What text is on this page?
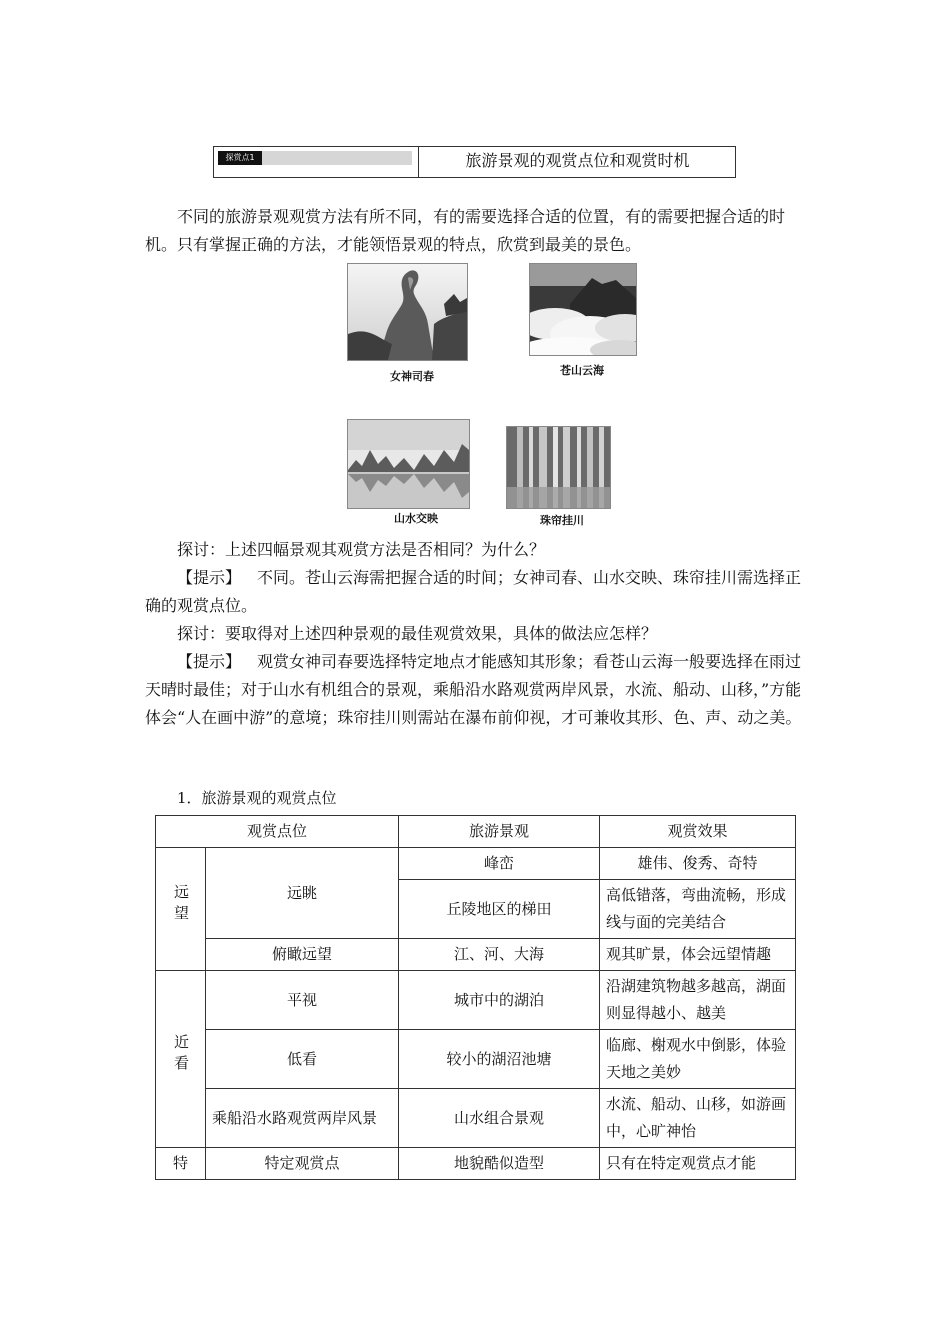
探赏点1	旅游景观的观赏点位和观赏时机
不同的旅游景观观赏方法有所不同，有的需要选择合适的位置，有的需要把握合适的时机。只有掌握正确的方法，才能领悟景观的特点，欣赏到最美的景色。
女神司春	苍山云海
山水交映	珠帘挂川
探讨：上述四幅景观其观赏方法是否相同？为什么？
【提示】 不同。苍山云海需把握合适的时间；女神司春、山水交映、珠帘挂川需选择正确的观赏点位。
探讨：要取得对上述四种景观的最佳观赏效果，具体的做法应怎样？
【提示】 观赏女神司春要选择特定地点才能感知其形象；看苍山云海一般要选择在雨过天晴时最佳；对于山水有机组合的景观，乘船沿水路观赏两岸风景，水流、船动、山移，”方能体会“人在画中游”的意境；珠帘挂川则需站在瀑布前仰视，才可兼收其形、色、声、动之美。
1．旅游景观的观赏点位
观赏点位		旅游景观	观赏效果
远望	远眺	峰峦	雄伟、俊秀、奇特
		丘陵地区的梯田	高低错落，弯曲流畅，形成线与面的完美结合
	俯瞰远望	江、河、大海	观其旷景，体会远望情趣
近看	平视	城市中的湖泊	沿湖建筑物越多越高，湖面则显得越小、越美
	低看	较小的湖沼池塘	临廊、榭观水中倒影，体验天地之美妙
	乘船沿水路观赏两岸风景	山水组合景观	水流、船动、山移，如游画中，心旷神怡
特	特定观赏点	地貌酷似造型	只有在特定观赏点才能
